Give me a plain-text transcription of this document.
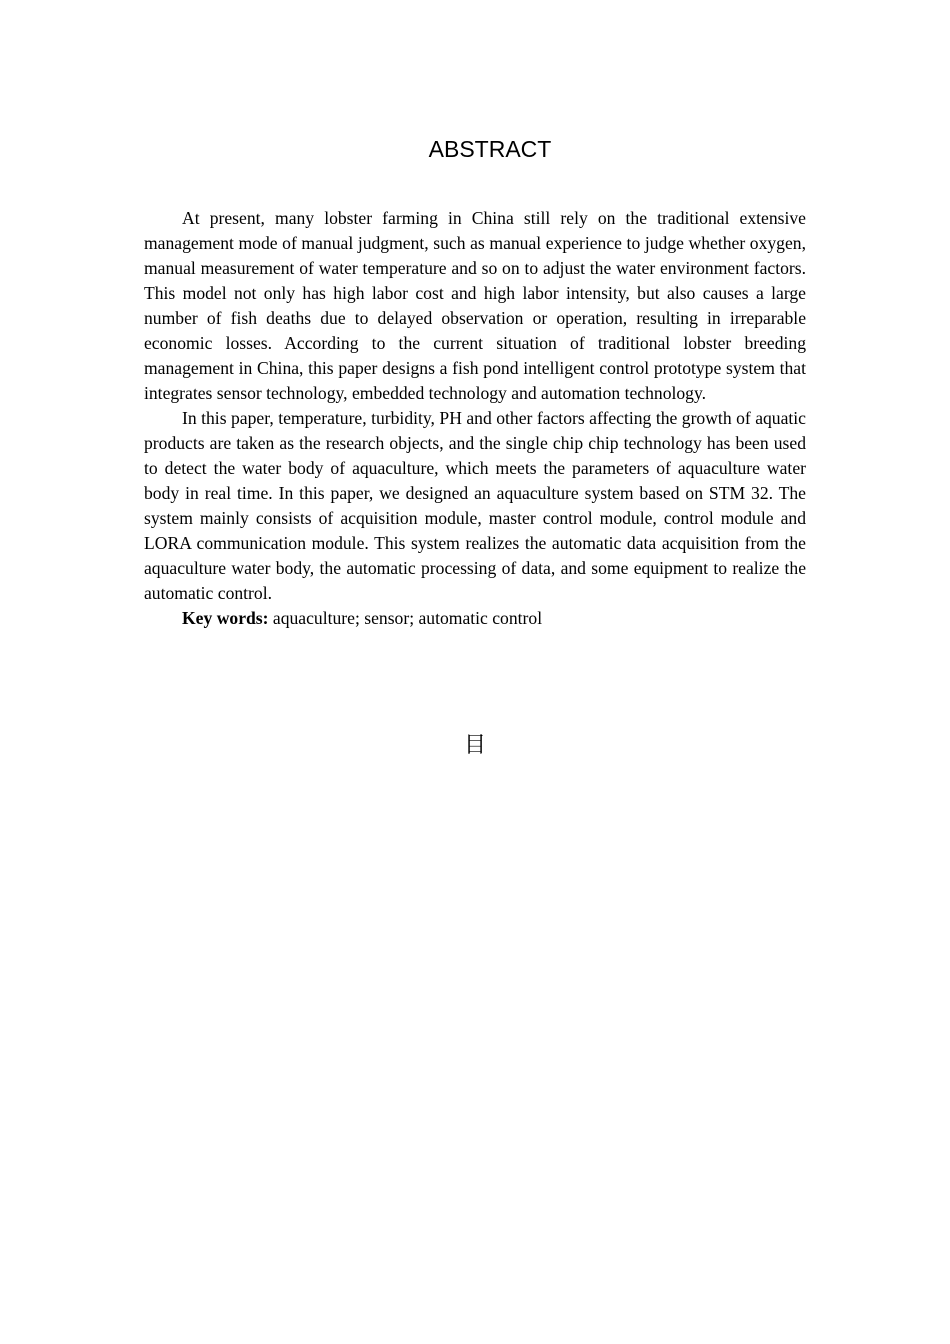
ABSTRACT

At present, many lobster farming in China still rely on the traditional extensive management mode of manual judgment, such as manual experience to judge whether oxygen, manual measurement of water temperature and so on to adjust the water environment factors. This model not only has high labor cost and high labor intensity, but also causes a large number of fish deaths due to delayed observation or operation, resulting in irreparable economic losses. According to the current situation of traditional lobster breeding management in China, this paper designs a fish pond intelligent control prototype system that integrates sensor technology, embedded technology and automation technology.

In this paper, temperature, turbidity, PH and other factors affecting the growth of aquatic products are taken as the research objects, and the single chip chip technology has been used to detect the water body of aquaculture, which meets the parameters of aquaculture water body in real time. In this paper, we designed an aquaculture system based on STM 32. The system mainly consists of acquisition module, master control module, control module and LORA communication module. This system realizes the automatic data acquisition from the aquaculture water body, the automatic processing of data, and some equipment to realize the automatic control.

Key words: aquaculture; sensor; automatic control

目
